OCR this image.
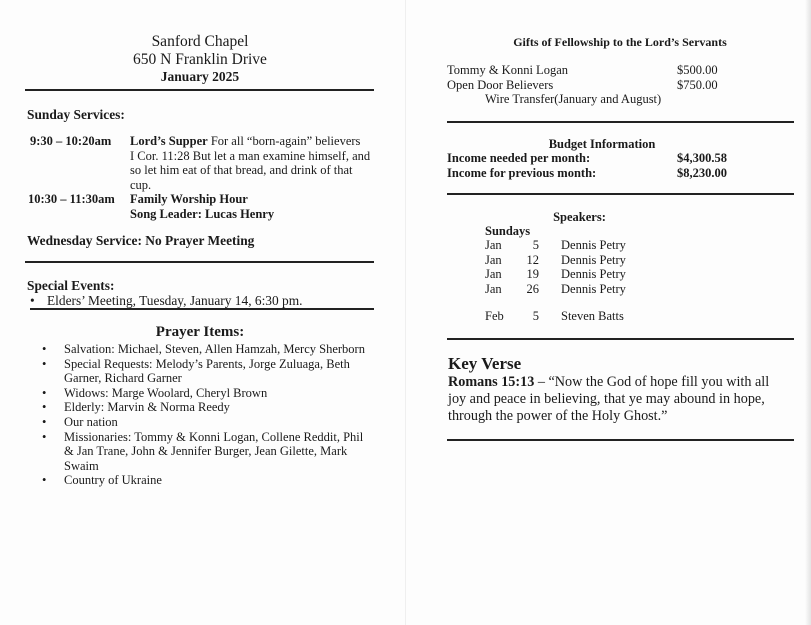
Sanford Chapel
650 N Franklin Drive
January 2025
Sunday Services:
9:30 – 10:20am	Lord’s Supper For all “born-again” believers
I Cor. 11:28 But let a man examine himself, and
so let him eat of that bread, and drink of that
cup.
10:30 – 11:30am	Family Worship Hour
Song Leader: Lucas Henry
Wednesday Service: No Prayer Meeting
Special Events:
• Elders’ Meeting, Tuesday, January 14, 6:30 pm.
Prayer Items:
• Salvation: Michael, Steven, Allen Hamzah, Mercy Sherborn
• Special Requests: Melody’s Parents, Jorge Zuluaga, Beth
Garner, Richard Garner
• Widows: Marge Woolard, Cheryl Brown
• Elderly: Marvin & Norma Reedy
• Our nation
• Missionaries: Tommy & Konni Logan, Collene Reddit, Phil
& Jan Trane, John & Jennifer Burger, Jean Gilette, Mark
Swaim
• Country of Ukraine
Gifts of Fellowship to the Lord’s Servants
Tommy & Konni Logan	$500.00
Open Door Believers	$750.00
Wire Transfer(January and August)
Budget Information
Income needed per month:	$4,300.58
Income for previous month:	$8,230.00
Speakers:
Sundays
Jan	5 Dennis Petry
Jan	12 Dennis Petry
Jan	19 Dennis Petry
Jan	26 Dennis Petry
Feb	5 Steven Batts
Key Verse
Romans 15:13 – “Now the God of hope fill you with all
joy and peace in believing, that ye may abound in hope,
through the power of the Holy Ghost.”
